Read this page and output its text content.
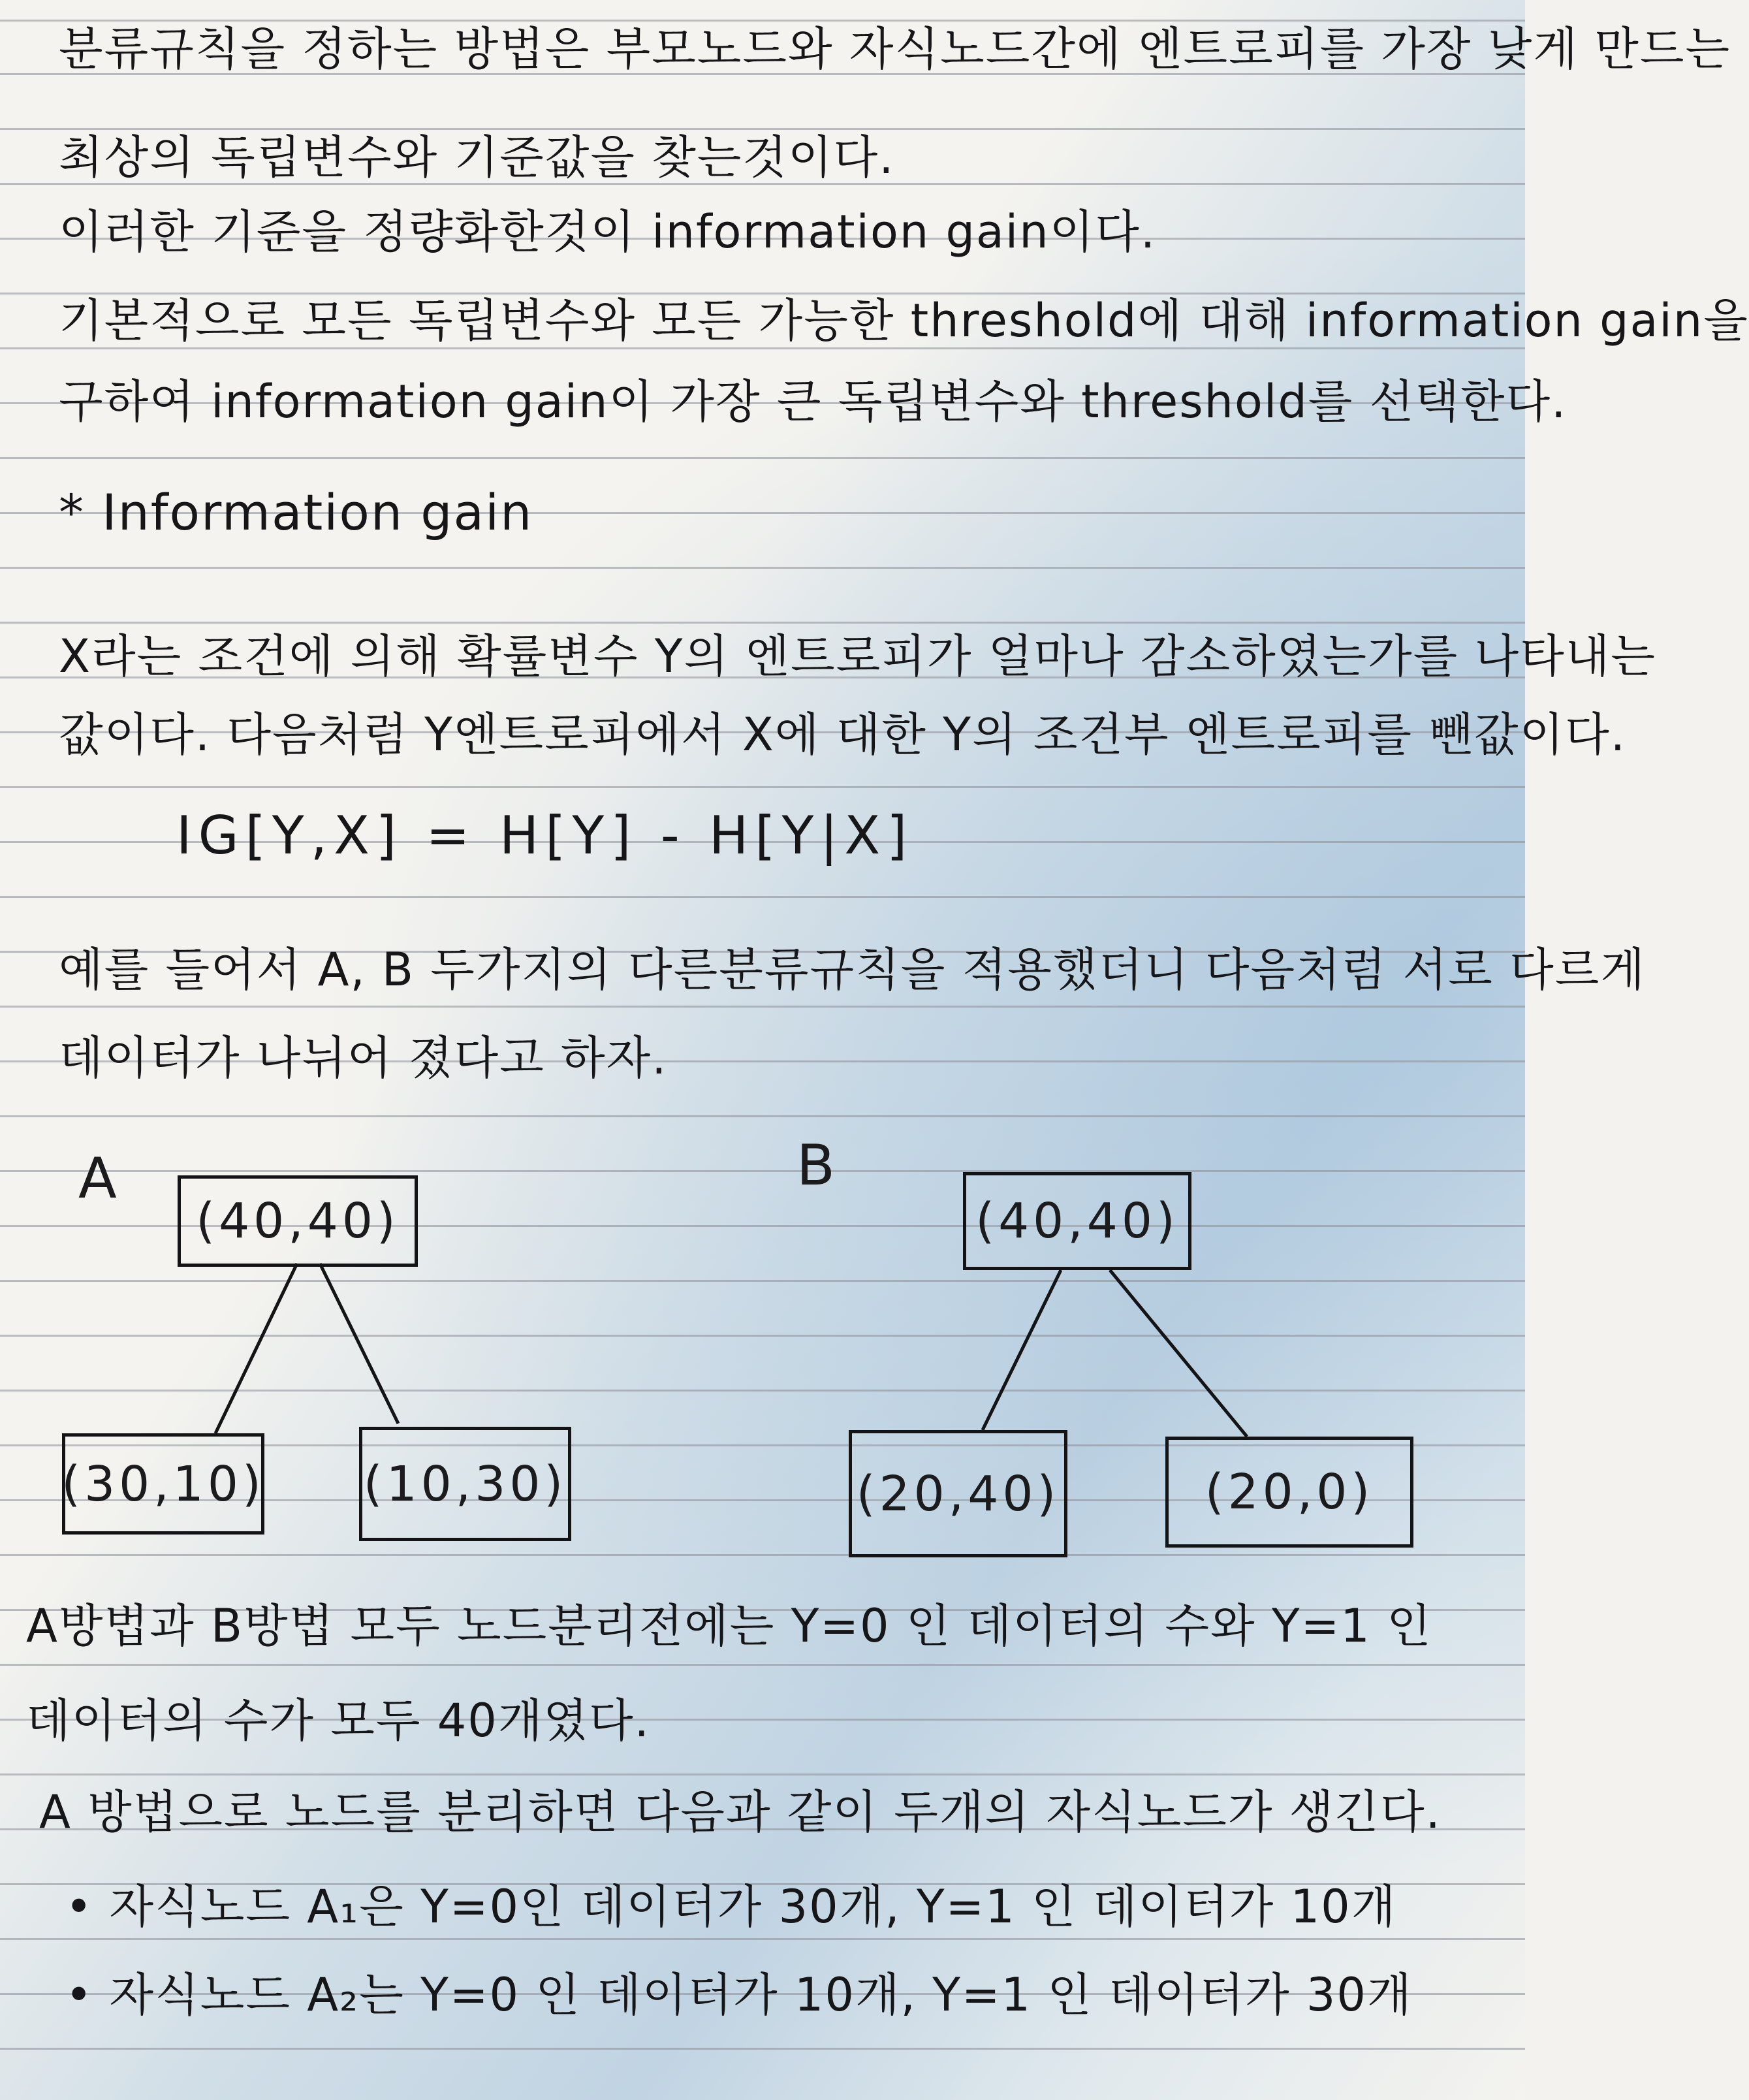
분류규칙을 정하는 방법은 부모노드와 자식노드간에 엔트로피를 가장 낮게 만드는
최상의 독립변수와 기준값을 찾는것이다.
이러한 기준을 정량화한것이 information gain이다.
기본적으로 모든 독립변수와 모든 가능한 threshold에 대해 information gain을
구하여 information gain이 가장 큰 독립변수와 threshold를 선택한다.
* Information gain
X라는 조건에 의해 확률변수 Y의 엔트로피가 얼마나 감소하였는가를 나타내는
값이다. 다음처럼 Y엔트로피에서 X에 대한 Y의 조건부 엔트로피를 뺀값이다.
IG[Y,X] = H[Y] - H[Y|X]
예를 들어서 A, B 두가지의 다른분류규칙을 적용했더니 다음처럼 서로 다르게
데이터가 나뉘어 졌다고 하자.
A
(40,40)
(30,10) (10,30)
B
(40,40)
(20,40)	(20,0)
A방법과 B방법 모두 노드분리전에는 Y=0 인 데이터의 수와 Y=1 인
데이터의 수가 모두 40개였다.
A 방법으로 노드를 분리하면 다음과 같이 두개의 자식노드가 생긴다.
• 자식노드 A₁은 Y=0인 데이터가 30개, Y=1 인 데이터가 10개
• 자식노드 A₂는 Y=0 인 데이터가 10개, Y=1 인 데이터가 30개
